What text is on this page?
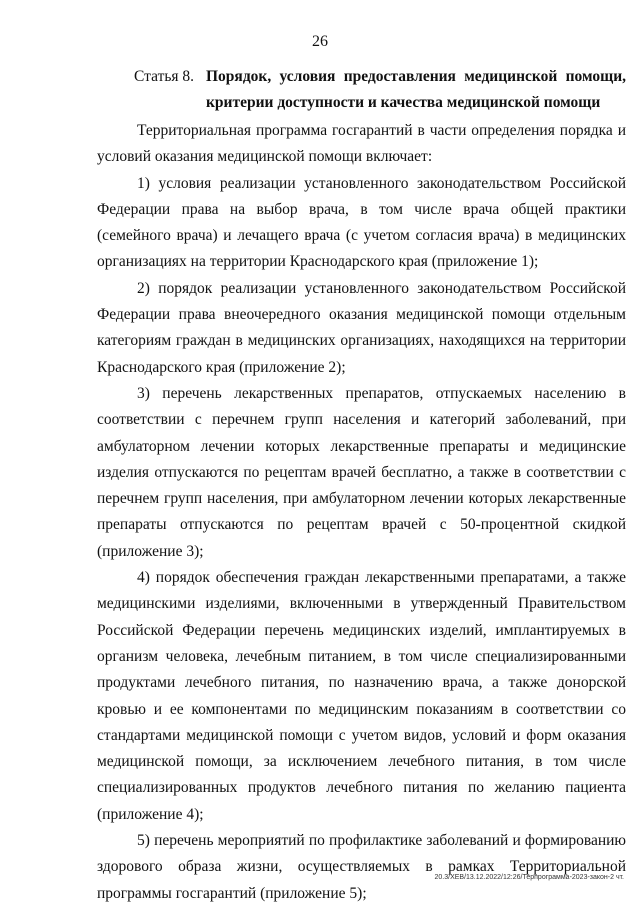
26
Статья 8. Порядок, условия предоставления медицинской помощи,
критерии доступности и качества медицинской помощи

Территориальная программа госгарантий в части определения порядка и условий оказания медицинской помощи включает:

1) условия реализации установленного законодательством Российской Федерации права на выбор врача, в том числе врача общей практики (семейного врача) и лечащего врача (с учетом согласия врача) в медицинских организациях на территории Краснодарского края (приложение 1);

2) порядок реализации установленного законодательством Российской Федерации права внеочередного оказания медицинской помощи отдельным категориям граждан в медицинских организациях, находящихся на территории Краснодарского края (приложение 2);

3) перечень лекарственных препаратов, отпускаемых населению в соответствии с перечнем групп населения и категорий заболеваний, при амбулаторном лечении которых лекарственные препараты и медицинские изделия отпускаются по рецептам врачей бесплатно, а также в соответствии с перечнем групп населения, при амбулаторном лечении которых лекарственные препараты отпускаются по рецептам врачей с 50-процентной скидкой (приложение 3);

4) порядок обеспечения граждан лекарственными препаратами, а также медицинскими изделиями, включенными в утвержденный Правительством Российской Федерации перечень медицинских изделий, имплантируемых в организм человека, лечебным питанием, в том числе специализированными продуктами лечебного питания, по назначению врача, а также донорской кровью и ее компонентами по медицинским показаниям в соответствии со стандартами медицинской помощи с учетом видов, условий и форм оказания медицинской помощи, за исключением лечебного питания, в том числе специализированных продуктов лечебного питания по желанию пациента (приложение 4);

5) перечень мероприятий по профилактике заболеваний и формированию здорового образа жизни, осуществляемых в рамках Территориальной программы госгарантий (приложение 5);

20.3/ХЕВ/13.12.2022/12:26/Терпрограмма-2023-закон-2 чт.
